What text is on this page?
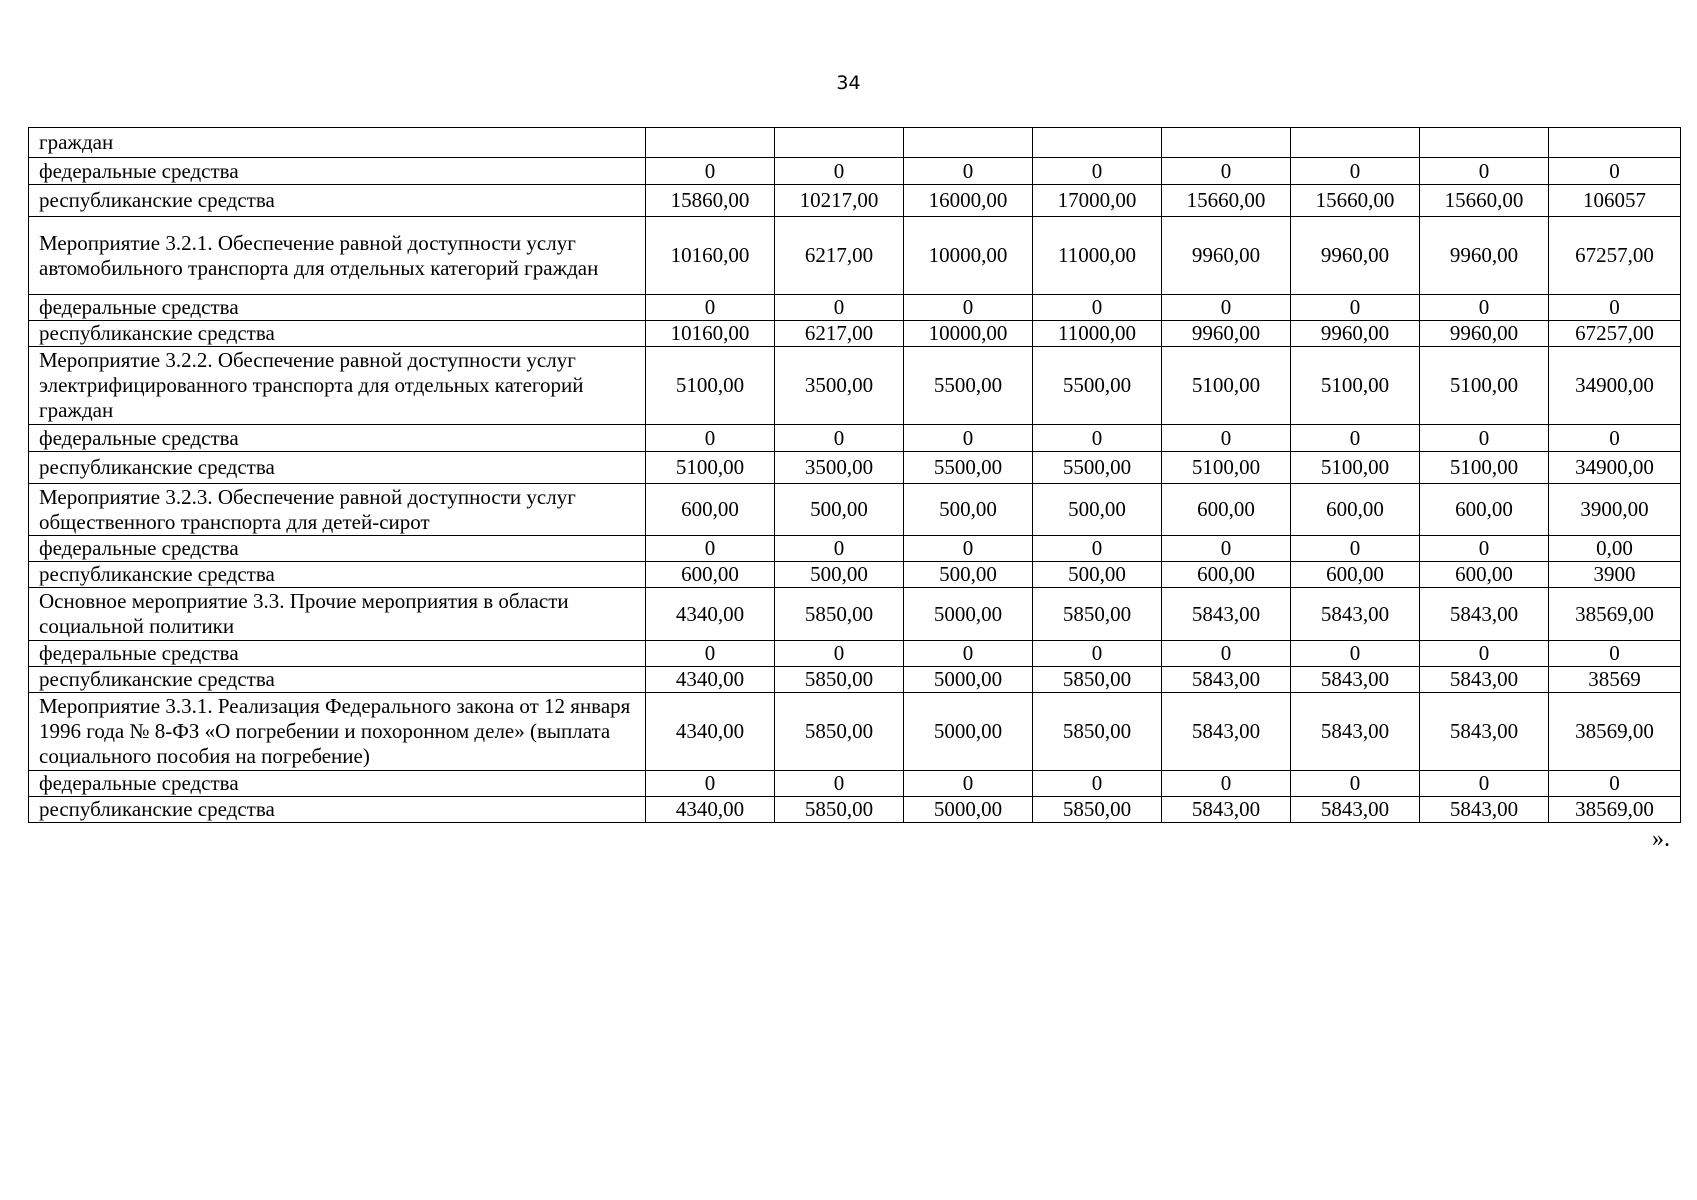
34
граждан								
федеральные средства	0	0	0	0	0	0	0	0
республиканские средства	15860,00	10217,00	16000,00	17000,00	15660,00	15660,00	15660,00	106057
Мероприятие 3.2.1. Обеспечение равной доступности услуг автомобильного транспорта для отдельных категорий граждан	10160,00	6217,00	10000,00	11000,00	9960,00	9960,00	9960,00	67257,00
федеральные средства	0	0	0	0	0	0	0	0
республиканские средства	10160,00	6217,00	10000,00	11000,00	9960,00	9960,00	9960,00	67257,00
Мероприятие 3.2.2. Обеспечение равной доступности услуг электрифицированного транспорта для отдельных категорий граждан	5100,00	3500,00	5500,00	5500,00	5100,00	5100,00	5100,00	34900,00
федеральные средства	0	0	0	0	0	0	0	0
республиканские средства	5100,00	3500,00	5500,00	5500,00	5100,00	5100,00	5100,00	34900,00
Мероприятие 3.2.3. Обеспечение равной доступности услуг общественного транспорта для детей-сирот	600,00	500,00	500,00	500,00	600,00	600,00	600,00	3900,00
федеральные средства	0	0	0	0	0	0	0	0,00
республиканские средства	600,00	500,00	500,00	500,00	600,00	600,00	600,00	3900
Основное мероприятие 3.3. Прочие мероприятия в области социальной политики	4340,00	5850,00	5000,00	5850,00	5843,00	5843,00	5843,00	38569,00
федеральные средства	0	0	0	0	0	0	0	0
республиканские средства	4340,00	5850,00	5000,00	5850,00	5843,00	5843,00	5843,00	38569
Мероприятие 3.3.1. Реализация Федерального закона от 12 января 1996 года № 8-ФЗ «О погребении и похоронном деле» (выплата социального пособия на погребение)	4340,00	5850,00	5000,00	5850,00	5843,00	5843,00	5843,00	38569,00
федеральные средства	0	0	0	0	0	0	0	0
республиканские средства	4340,00	5850,00	5000,00	5850,00	5843,00	5843,00	5843,00	38569,00
».
